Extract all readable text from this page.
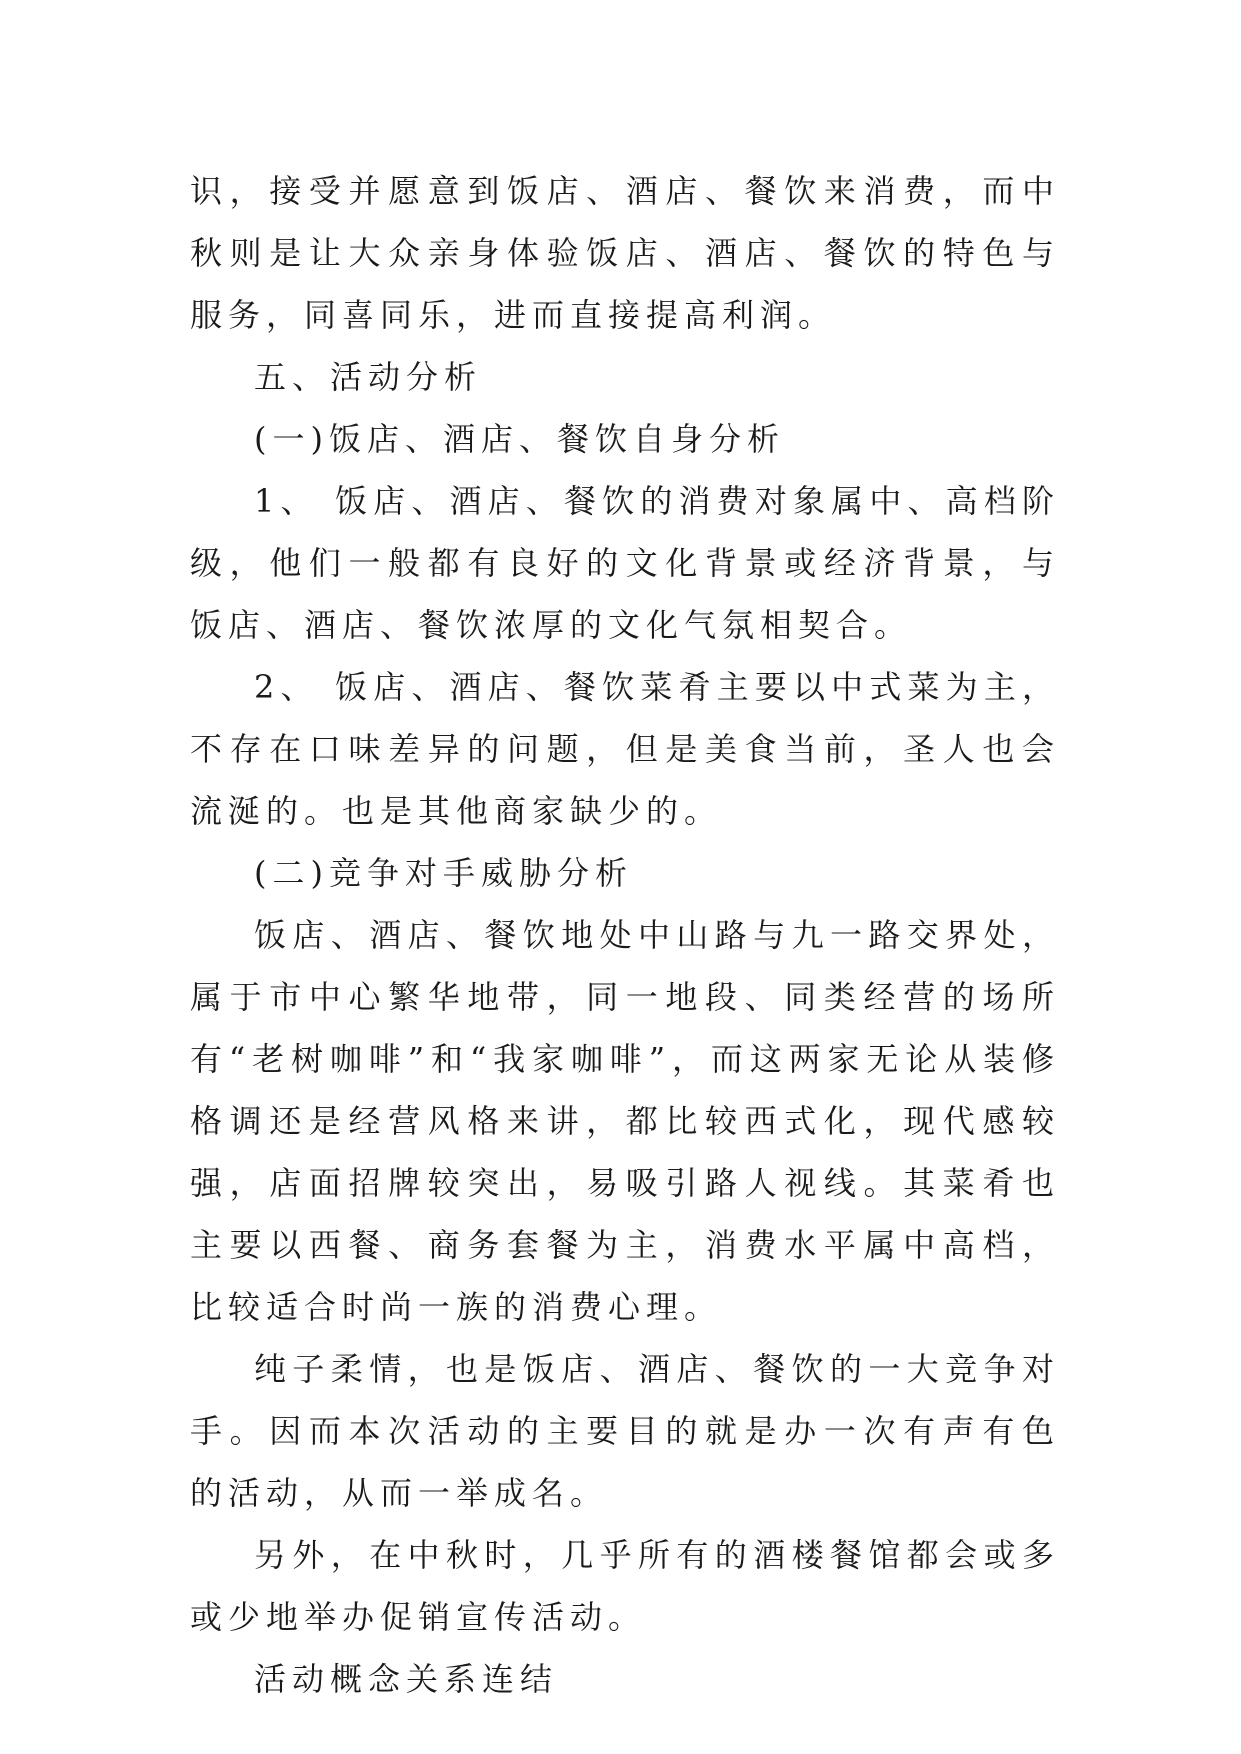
识，接受并愿意到饭店、酒店、餐饮来消费，而中秋则是让大众亲身体验饭店、酒店、餐饮的特色与服务，同喜同乐，进而直接提高利润。

五、活动分析

(一)饭店、酒店、餐饮自身分析

1、 饭店、酒店、餐饮的消费对象属中、高档阶级，他们一般都有良好的文化背景或经济背景，与饭店、酒店、餐饮浓厚的文化气氛相契合。

2、 饭店、酒店、餐饮菜肴主要以中式菜为主，不存在口味差异的问题，但是美食当前，圣人也会流涎的。也是其他商家缺少的。

(二)竞争对手威胁分析

饭店、酒店、餐饮地处中山路与九一路交界处，属于市中心繁华地带，同一地段、同类经营的场所有“老树咖啡”和“我家咖啡”，而这两家无论从装修格调还是经营风格来讲，都比较西式化，现代感较强，店面招牌较突出，易吸引路人视线。其菜肴也主要以西餐、商务套餐为主，消费水平属中高档，比较适合时尚一族的消费心理。

纯子柔情，也是饭店、酒店、餐饮的一大竞争对手。因而本次活动的主要目的就是办一次有声有色的活动，从而一举成名。

另外，在中秋时，几乎所有的酒楼餐馆都会或多或少地举办促销宣传活动。

活动概念关系连结
